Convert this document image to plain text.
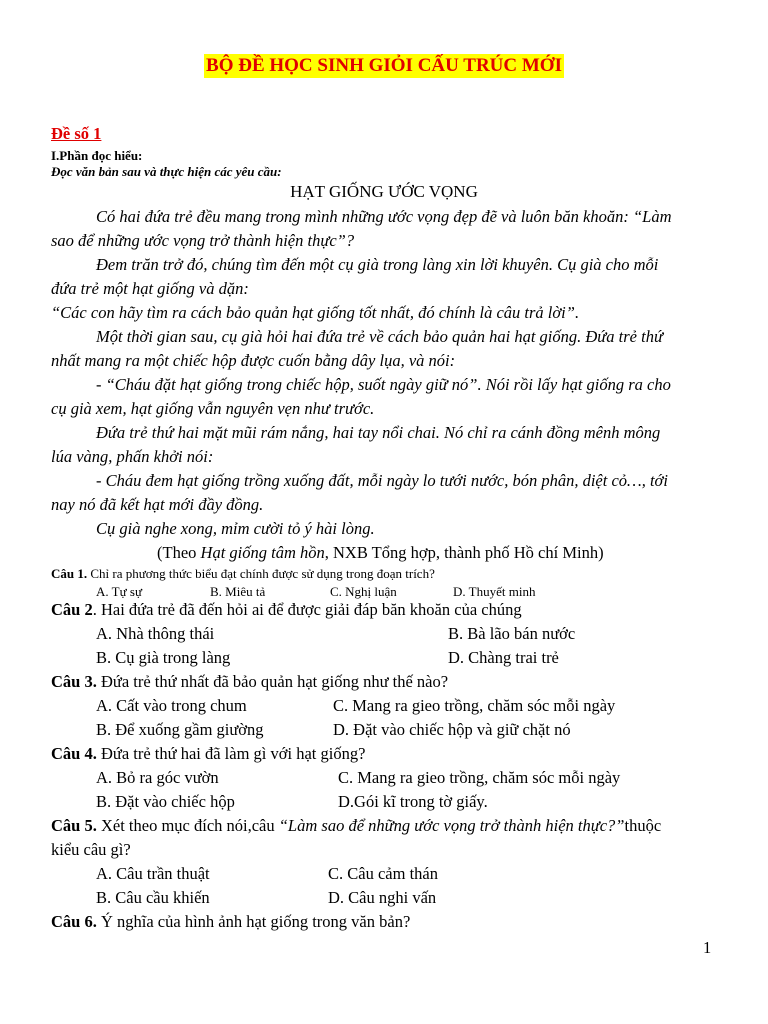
BỘ ĐỀ HỌC SINH GIỎI CẤU TRÚC MỚI
Đề số 1
I.Phần đọc hiểu:
Đọc văn bản sau và thực hiện các yêu cầu:
HẠT GIỐNG ƯỚC VỌNG
Có hai đứa trẻ đều mang trong mình những ước vọng đẹp đẽ và luôn băn khoăn: “Làm
sao để những ước vọng trở thành hiện thực”?
Đem trăn trở đó, chúng tìm đến một cụ già trong làng xin lời khuyên. Cụ già cho mỗi
đứa trẻ một hạt giống và dặn:
“Các con hãy tìm ra cách bảo quản hạt giống tốt nhất, đó chính là câu trả lời”.
Một thời gian sau, cụ già hỏi hai đứa trẻ về cách bảo quản hai hạt giống. Đứa trẻ thứ
nhất mang ra một chiếc hộp được cuốn bằng dây lụa, và nói:
- “Cháu đặt hạt giống trong chiếc hộp, suốt ngày giữ nó”. Nói rồi lấy hạt giống ra cho
cụ già xem, hạt giống vẫn nguyên vẹn như trước.
Đứa trẻ thứ hai mặt mũi rám nắng, hai tay nổi chai. Nó chỉ ra cánh đồng mênh mông
lúa vàng, phấn khởi nói:
- Cháu đem hạt giống trồng xuống đất, mỗi ngày lo tưới nước, bón phân, diệt cỏ…, tới
nay nó đã kết hạt mới đầy đồng.
Cụ già nghe xong, mỉm cười tỏ ý hài lòng.
(Theo Hạt giống tâm hồn, NXB Tổng hợp, thành phố Hồ chí Minh)
Câu 1. Chỉ ra phương thức biểu đạt chính được sử dụng trong đoạn trích?
A. Tự sự	B. Miêu tả	C. Nghị luận	D. Thuyết minh
Câu 2. Hai đứa trẻ đã đến hỏi ai để được giải đáp băn khoăn của chúng
A. Nhà thông thái	B. Bà lão bán nước
B. Cụ già trong làng	D. Chàng trai trẻ
Câu 3. Đứa trẻ thứ nhất đã bảo quản hạt giống như thế nào?
A. Cất vào trong chum	C. Mang ra gieo trồng, chăm sóc mỗi ngày
B. Để xuống gầm giường	D. Đặt vào chiếc hộp và giữ chặt nó
Câu 4. Đứa trẻ thứ hai đã làm gì với hạt giống?
A. Bỏ ra góc vườn	C. Mang ra gieo trồng, chăm sóc mỗi ngày
B. Đặt vào chiếc hộp	D.Gói kĩ trong tờ giấy.
Câu 5. Xét theo mục đích nói,câu “Làm sao để những ước vọng trở thành hiện thực?”thuộc
kiểu câu gì?
A. Câu trần thuật	C. Câu cảm thán
B. Câu cầu khiến	D. Câu nghi vấn
Câu 6. Ý nghĩa của hình ảnh hạt giống trong văn bản?
1
